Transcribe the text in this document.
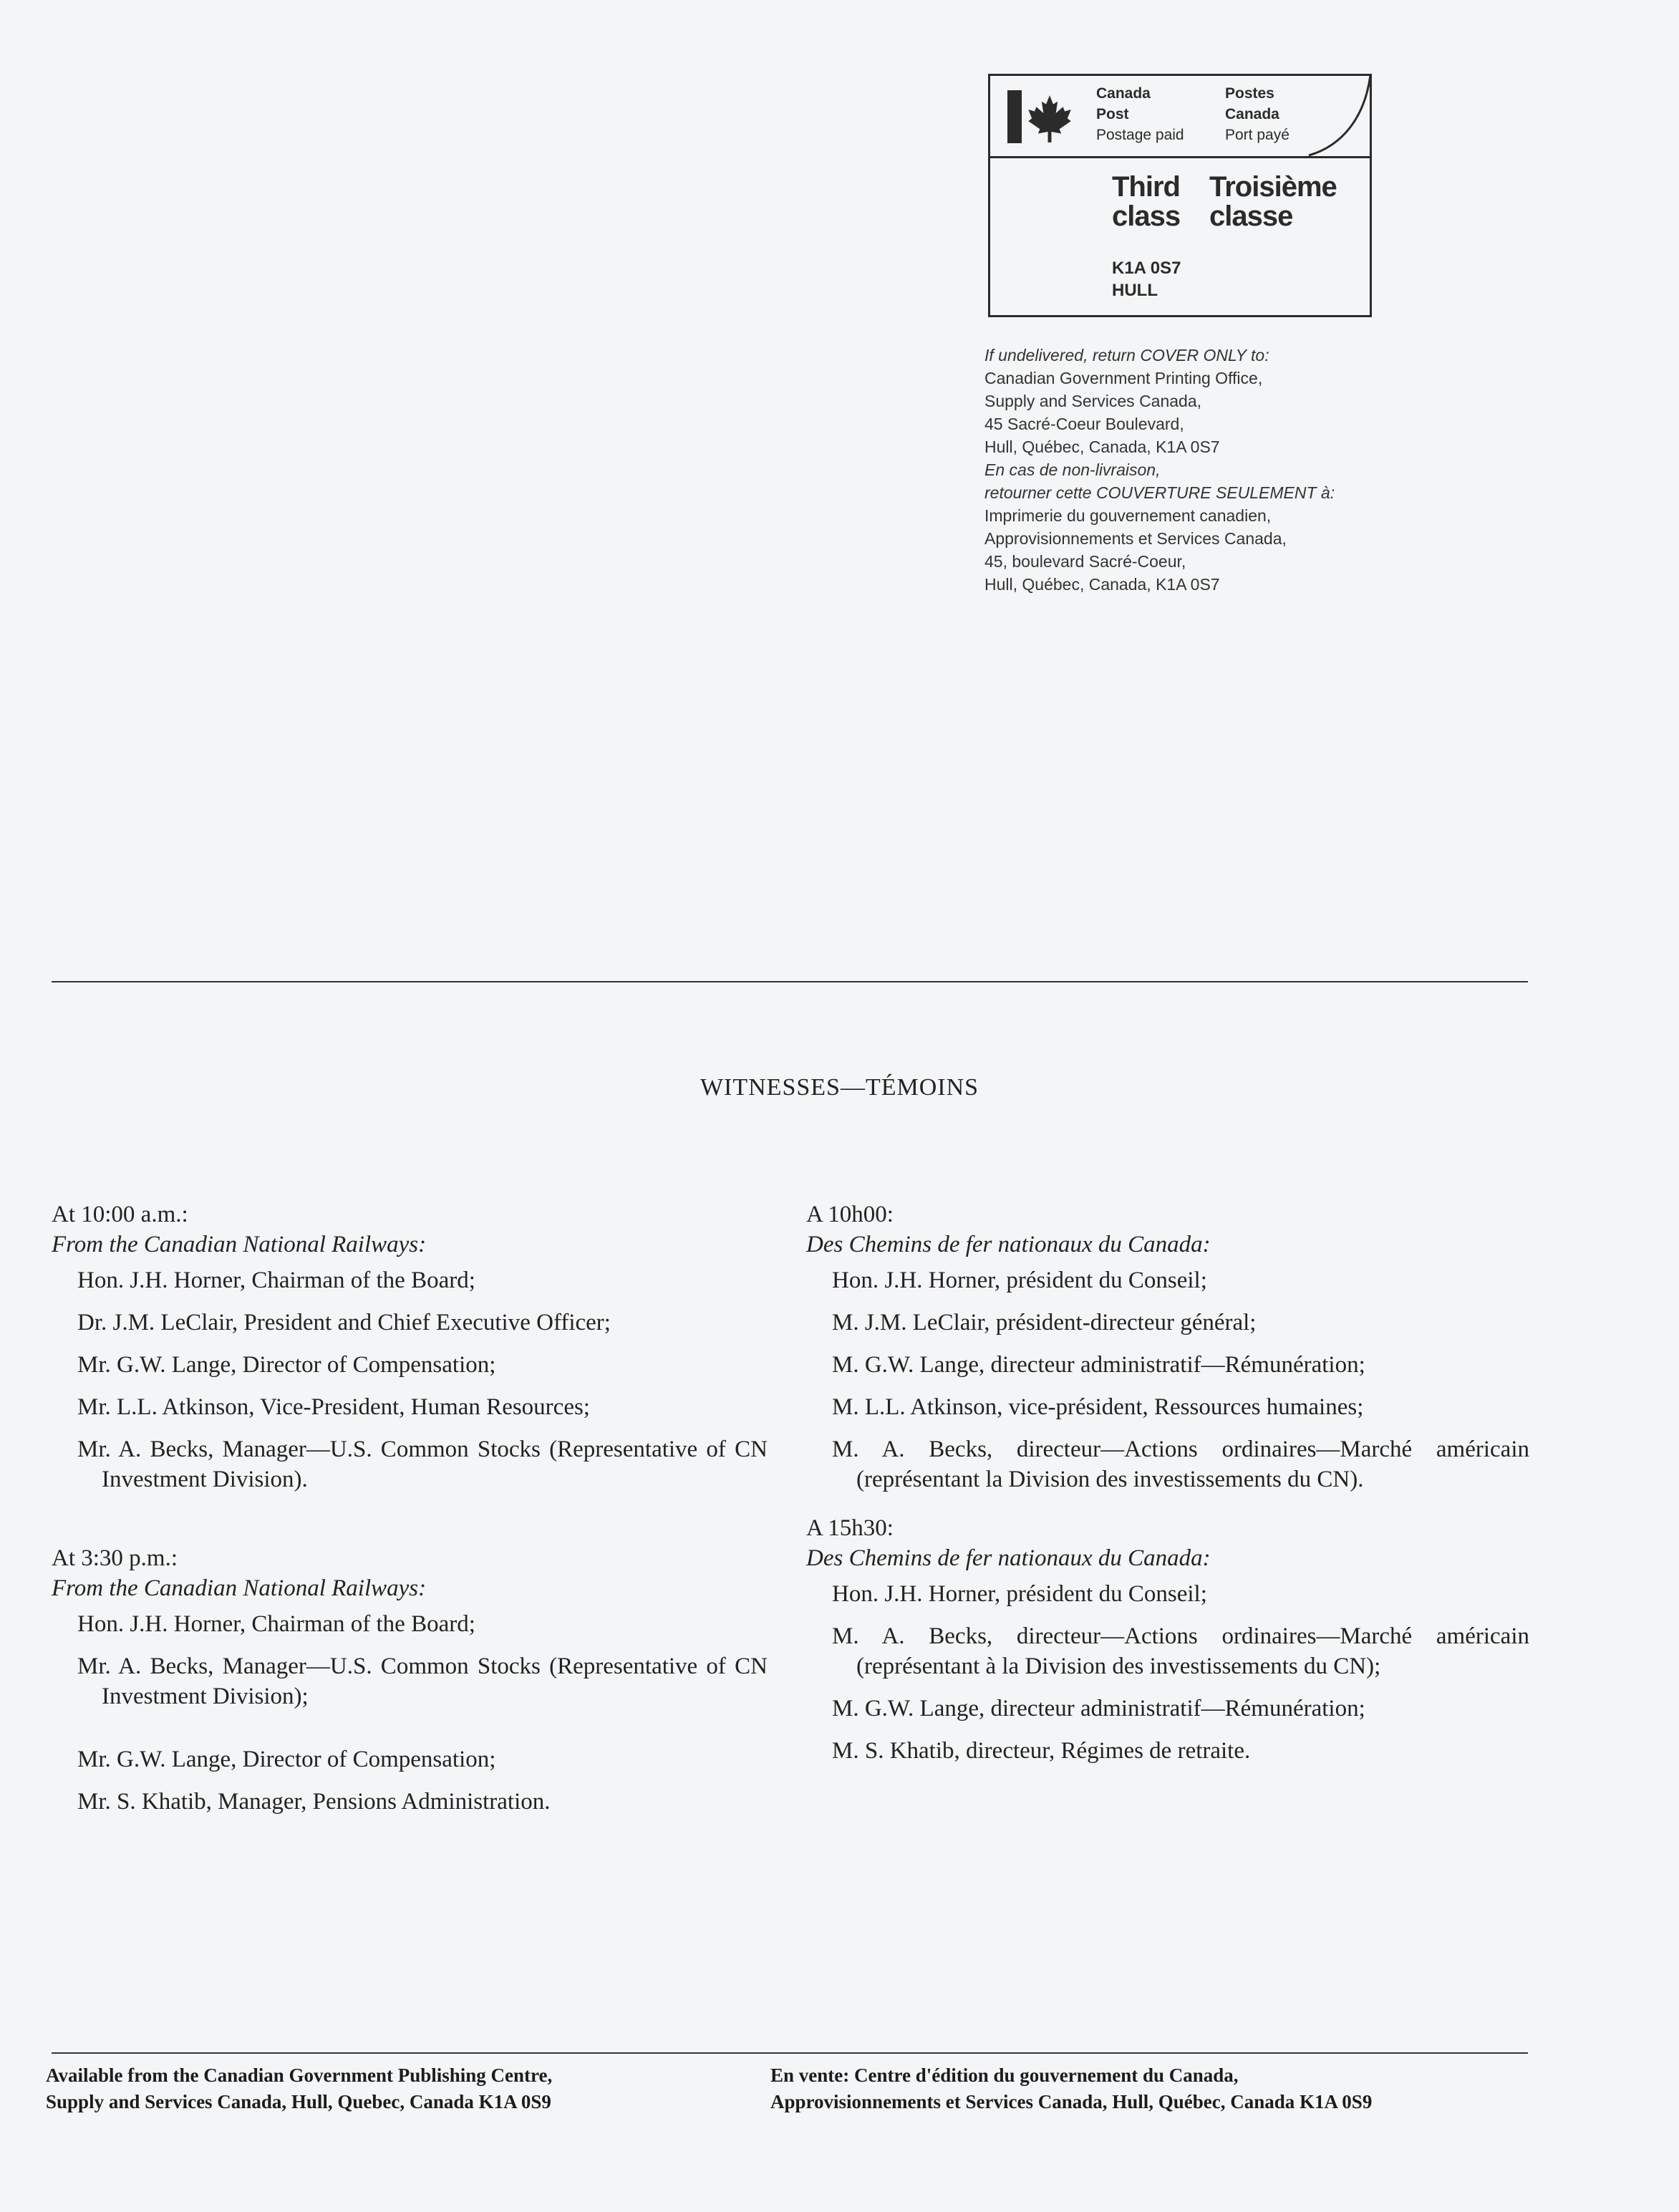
Canada
Post
Postage paid
Postes
Canada
Port payé
Third
class
Troisième
classe
K1A 0S7
HULL
If undelivered, return COVER ONLY to:
Canadian Government Printing Office,
Supply and Services Canada,
45 Sacré-Coeur Boulevard,
Hull, Québec, Canada, K1A 0S7
En cas de non-livraison,
retourner cette COUVERTURE SEULEMENT à:
Imprimerie du gouvernement canadien,
Approvisionnements et Services Canada,
45, boulevard Sacré-Coeur,
Hull, Québec, Canada, K1A 0S7
WITNESSES—TÉMOINS

At 10:00 a.m.:

From the Canadian National Railways:

Hon. J.H. Horner, Chairman of the Board;

Dr. J.M. LeClair, President and Chief Executive Officer;

Mr. G.W. Lange, Director of Compensation;

Mr. L.L. Atkinson, Vice-President, Human Resources;

Mr. A. Becks, Manager—U.S. Common Stocks (Representative of CN Investment Division).

At 3:30 p.m.:

From the Canadian National Railways:

Hon. J.H. Horner, Chairman of the Board;

Mr. A. Becks, Manager—U.S. Common Stocks (Representative of CN Investment Division);

Mr. G.W. Lange, Director of Compensation;

Mr. S. Khatib, Manager, Pensions Administration.

A 10h00:

Des Chemins de fer nationaux du Canada:

Hon. J.H. Horner, président du Conseil;

M. J.M. LeClair, président-directeur général;

M. G.W. Lange, directeur administratif—Rémunération;

M. L.L. Atkinson, vice-président, Ressources humaines;

M. A. Becks, directeur—Actions ordinaires—Marché américain (représentant la Division des investissements du CN).

A 15h30:

Des Chemins de fer nationaux du Canada:

Hon. J.H. Horner, président du Conseil;

M. A. Becks, directeur—Actions ordinaires—Marché américain (représentant à la Division des investissements du CN);

M. G.W. Lange, directeur administratif—Rémunération;

M. S. Khatib, directeur, Régimes de retraite.

Available from the Canadian Government Publishing Centre,
Supply and Services Canada, Hull, Quebec, Canada K1A 0S9
En vente: Centre d'édition du gouvernement du Canada,
Approvisionnements et Services Canada, Hull, Québec, Canada K1A 0S9
